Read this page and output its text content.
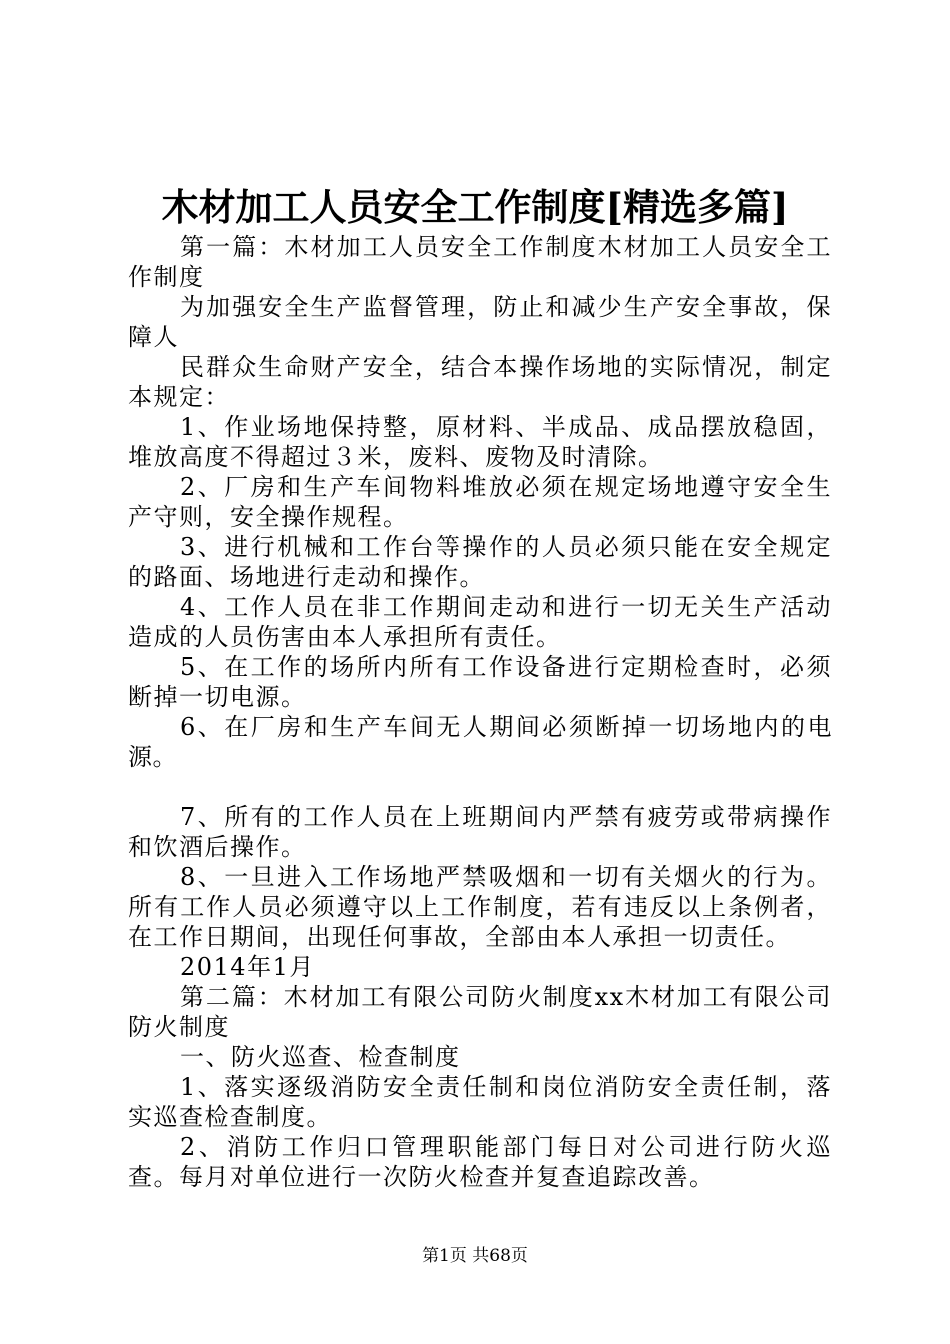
木材加工人员安全工作制度[精选多篇]

第一篇：木材加工人员安全工作制度木材加工人员安全工作制度

为加强安全生产监督管理，防止和减少生产安全事故，保障人

民群众生命财产安全，结合本操作场地的实际情况，制定本规定：

1、作业场地保持整，原材料、半成品、成品摆放稳固，堆放高度不得超过３米，废料、废物及时清除。

2、厂房和生产车间物料堆放必须在规定场地遵守安全生产守则，安全操作规程。

3、进行机械和工作台等操作的人员必须只能在安全规定的路面、场地进行走动和操作。

4、工作人员在非工作期间走动和进行一切无关生产活动造成的人员伤害由本人承担所有责任。

5、在工作的场所内所有工作设备进行定期检查时，必须断掉一切电源。

6、在厂房和生产车间无人期间必须断掉一切场地内的电源。

7、所有的工作人员在上班期间内严禁有疲劳或带病操作和饮酒后操作。

8、一旦进入工作场地严禁吸烟和一切有关烟火的行为。所有工作人员必须遵守以上工作制度，若有违反以上条例者，在工作日期间，出现任何事故，全部由本人承担一切责任。

2014年1月

第二篇：木材加工有限公司防火制度xx木材加工有限公司防火制度

一、防火巡查、检查制度

1、落实逐级消防安全责任制和岗位消防安全责任制，落实巡查检查制度。

2、消防工作归口管理职能部门每日对公司进行防火巡查。每月对单位进行一次防火检查并复查追踪改善。

第1页 共68页
